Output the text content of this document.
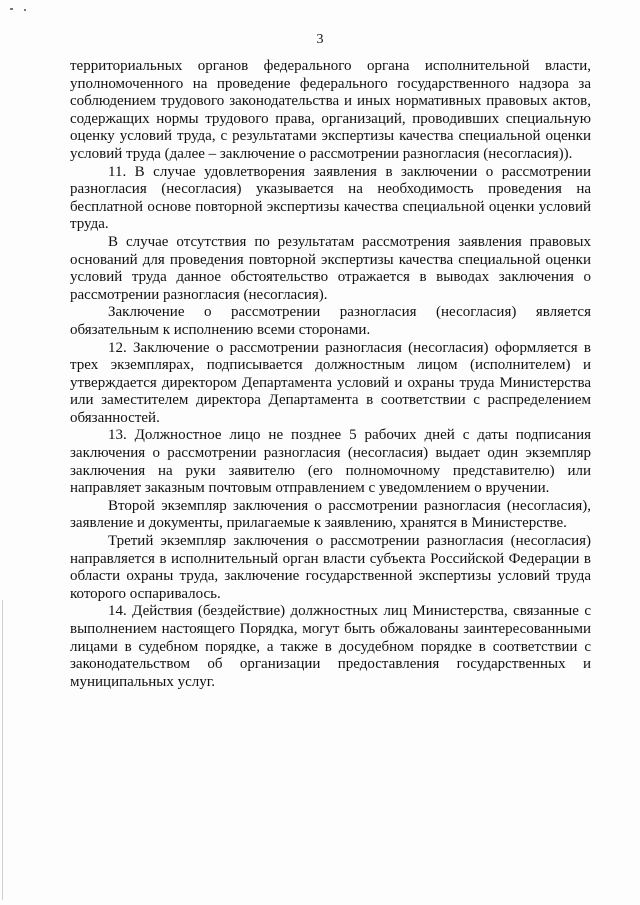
3

территориальных органов федерального органа исполнительной власти, уполномоченного на проведение федерального государственного надзора за соблюдением трудового законодательства и иных нормативных правовых актов, содержащих нормы трудового права, организаций, проводивших специальную оценку условий труда, с результатами экспертизы качества специальной оценки условий труда (далее – заключение о рассмотрении разногласия (несогласия)).

11. В случае удовлетворения заявления в заключении о рассмотрении разногласия (несогласия) указывается на необходимость проведения на бесплатной основе повторной экспертизы качества специальной оценки условий труда.

В случае отсутствия по результатам рассмотрения заявления правовых оснований для проведения повторной экспертизы качества специальной оценки условий труда данное обстоятельство отражается в выводах заключения о рассмотрении разногласия (несогласия).

Заключение о рассмотрении разногласия (несогласия) является обязательным к исполнению всеми сторонами.

12. Заключение о рассмотрении разногласия (несогласия) оформляется в трех экземплярах, подписывается должностным лицом (исполнителем) и утверждается директором Департамента условий и охраны труда Министерства или заместителем директора Департамента в соответствии с распределением обязанностей.

13. Должностное лицо не позднее 5 рабочих дней с даты подписания заключения о рассмотрении разногласия (несогласия) выдает один экземпляр заключения на руки заявителю (его полномочному представителю) или направляет заказным почтовым отправлением с уведомлением о вручении.

Второй экземпляр заключения о рассмотрении разногласия (несогласия), заявление и документы, прилагаемые к заявлению, хранятся в Министерстве.

Третий экземпляр заключения о рассмотрении разногласия (несогласия) направляется в исполнительный орган власти субъекта Российской Федерации в области охраны труда, заключение государственной экспертизы условий труда которого оспаривалось.

14. Действия (бездействие) должностных лиц Министерства, связанные с выполнением настоящего Порядка, могут быть обжалованы заинтересованными лицами в судебном порядке, а также в досудебном порядке в соответствии с законодательством об организации предоставления государственных и муниципальных услуг.
